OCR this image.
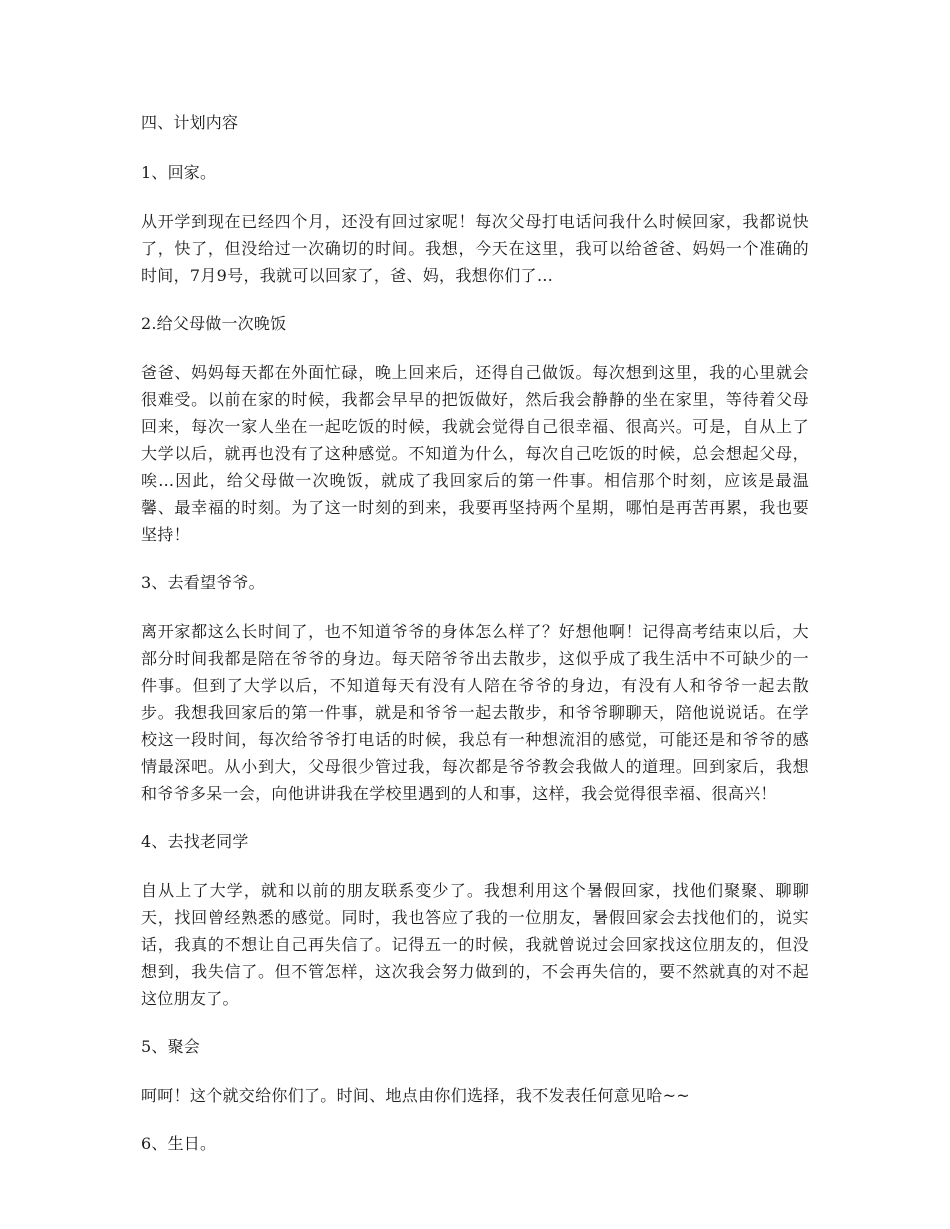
四、计划内容
1、回家。
从开学到现在已经四个月，还没有回过家呢！每次父母打电话问我什么时候回家，我都说快了，快了，但没给过一次确切的时间。我想，今天在这里，我可以给爸爸、妈妈一个准确的时间，7月9号，我就可以回家了，爸、妈，我想你们了…
2.给父母做一次晚饭
爸爸、妈妈每天都在外面忙碌，晚上回来后，还得自己做饭。每次想到这里，我的心里就会很难受。以前在家的时候，我都会早早的把饭做好，然后我会静静的坐在家里，等待着父母回来，每次一家人坐在一起吃饭的时候，我就会觉得自己很幸福、很高兴。可是，自从上了大学以后，就再也没有了这种感觉。不知道为什么，每次自己吃饭的时候，总会想起父母，唉…因此，给父母做一次晚饭，就成了我回家后的第一件事。相信那个时刻，应该是最温馨、最幸福的时刻。为了这一时刻的到来，我要再坚持两个星期，哪怕是再苦再累，我也要坚持！
3、去看望爷爷。
离开家都这么长时间了，也不知道爷爷的身体怎么样了？好想他啊！记得高考结束以后，大部分时间我都是陪在爷爷的身边。每天陪爷爷出去散步，这似乎成了我生活中不可缺少的一件事。但到了大学以后，不知道每天有没有人陪在爷爷的身边，有没有人和爷爷一起去散步。我想我回家后的第一件事，就是和爷爷一起去散步，和爷爷聊聊天，陪他说说话。在学校这一段时间，每次给爷爷打电话的时候，我总有一种想流泪的感觉，可能还是和爷爷的感情最深吧。从小到大，父母很少管过我，每次都是爷爷教会我做人的道理。回到家后，我想和爷爷多呆一会，向他讲讲我在学校里遇到的人和事，这样，我会觉得很幸福、很高兴！
4、去找老同学
自从上了大学，就和以前的朋友联系变少了。我想利用这个暑假回家，找他们聚聚、聊聊天，找回曾经熟悉的感觉。同时，我也答应了我的一位朋友，暑假回家会去找他们的，说实话，我真的不想让自己再失信了。记得五一的时候，我就曾说过会回家找这位朋友的，但没想到，我失信了。但不管怎样，这次我会努力做到的，不会再失信的，要不然就真的对不起这位朋友了。
5、聚会
呵呵！这个就交给你们了。时间、地点由你们选择，我不发表任何意见哈~~
6、生日。
